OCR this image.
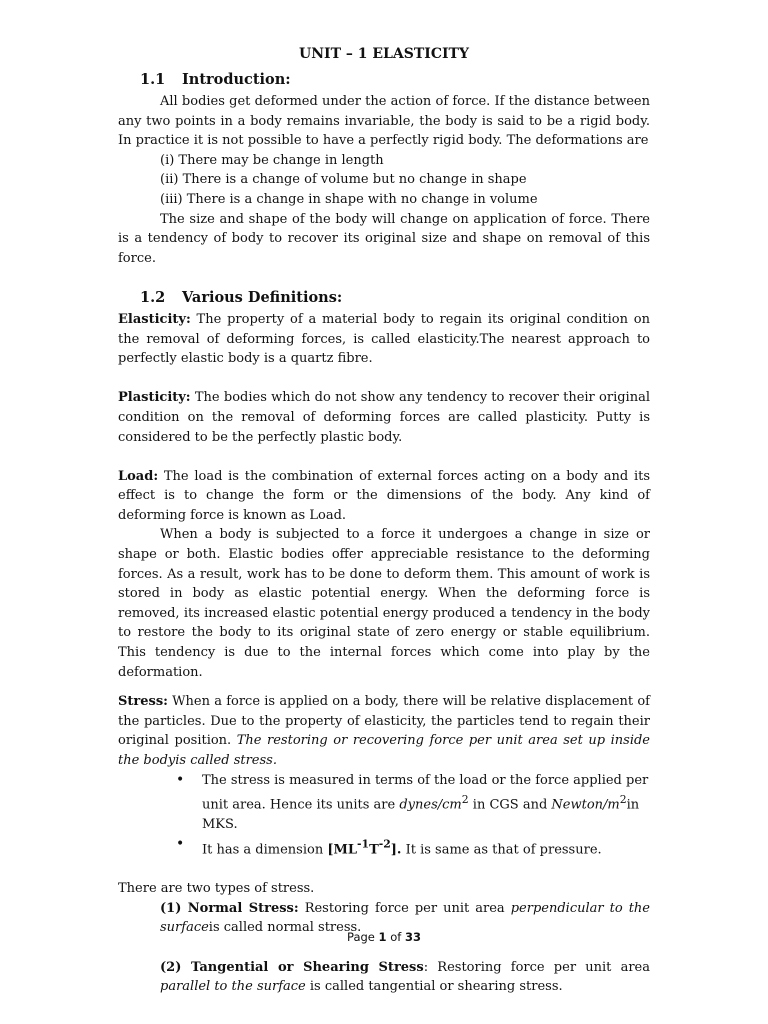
UNIT – 1 ELASTICITY
1.1 Introduction:

All bodies get deformed under the action of force. If the distance between any two points in a body remains invariable, the body is said to be a rigid body. In practice it is not possible to have a perfectly rigid body. The deformations are

(i) There may be change in length
(ii) There is a change of volume but no change in shape
(iii) There is a change in shape with no change in volume

The size and shape of the body will change on application of force. There is a tendency of body to recover its original size and shape on removal of this force.

1.2 Various Definitions:

Elasticity: The property of a material body to regain its original condition on the removal of deforming forces, is called elasticity.The nearest approach to perfectly elastic body is a quartz fibre.

Plasticity: The bodies which do not show any tendency to recover their original condition on the removal of deforming forces are called plasticity. Putty is considered to be the perfectly plastic body.

Load: The load is the combination of external forces acting on a body and its effect is to change the form or the dimensions of the body. Any kind of deforming force is known as Load.

When a body is subjected to a force it undergoes a change in size or shape or both. Elastic bodies offer appreciable resistance to the deforming forces. As a result, work has to be done to deform them. This amount of work is stored in body as elastic potential energy. When the deforming force is removed, its increased elastic potential energy produced a tendency in the body to restore the body to its original state of zero energy or stable equilibrium. This tendency is due to the internal forces which come into play by the deformation.

Stress: When a force is applied on a body, there will be relative displacement of the particles. Due to the property of elasticity, the particles tend to regain their original position. The restoring or recovering force per unit area set up inside the bodyis called stress.

• The stress is measured in terms of the load or the force applied per unit area. Hence its units are dynes/$cm^2$ in CGS and Newton/$m^2in$ MKS.
• It has a dimension $[ML^{-1}T^{-2}]$. It is same as that of pressure.

There are two types of stress.

(1) Normal Stress: Restoring force per unit area perpendicular to the surfaceis called normal stress.

(2) Tangential or Shearing Stress: Restoring force per unit area parallel to the surface is called tangential or shearing stress.

Page 1 of 33
